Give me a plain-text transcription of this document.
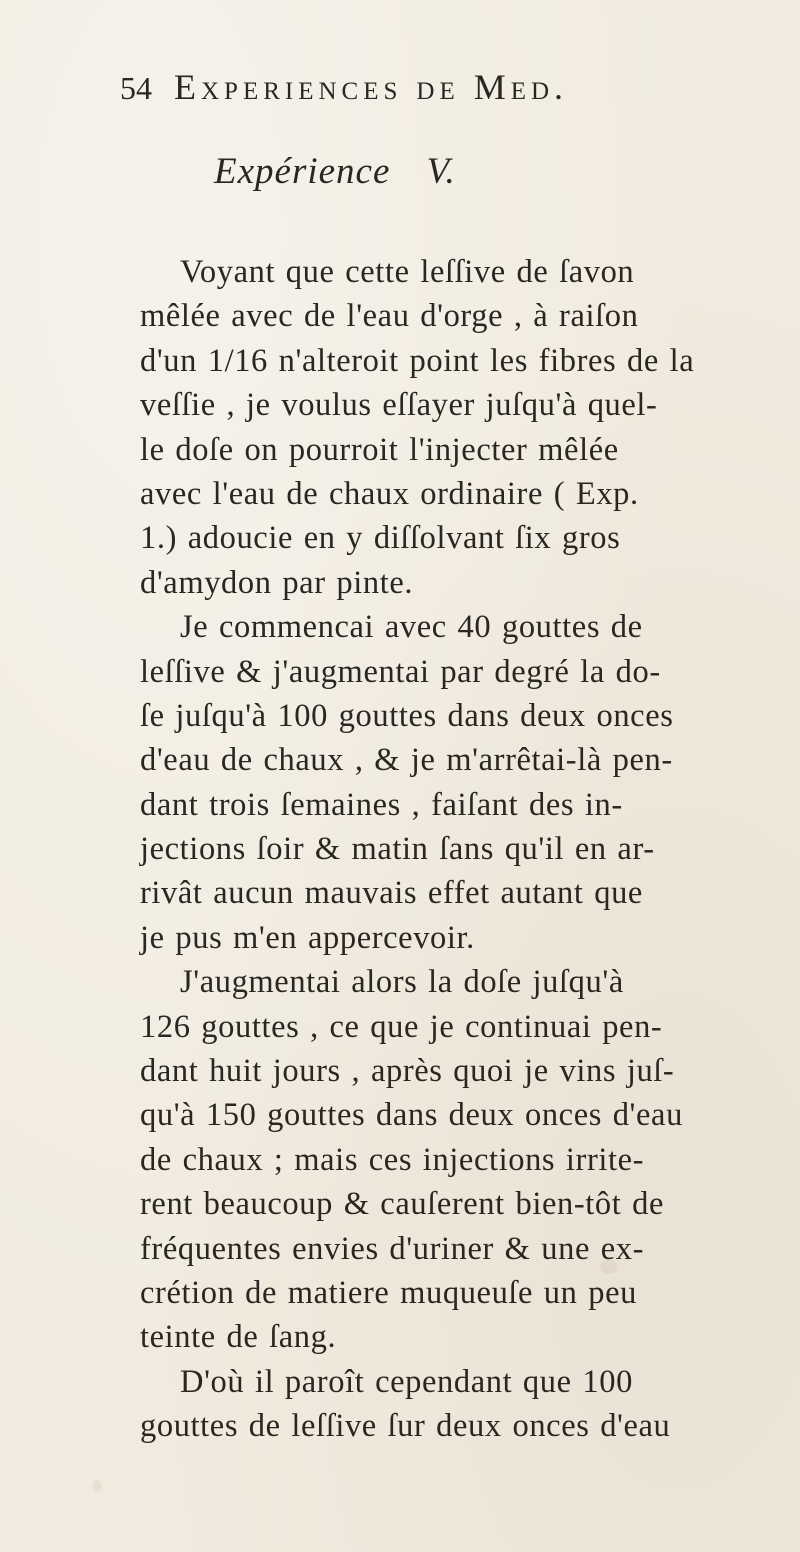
54 Experiences de Med.
Expérience V.
Voyant que cette leſſive de ſavon
mêlée avec de l'eau d'orge , à raiſon
d'un 1/16 n'alteroit point les fibres de la
veſſie , je voulus eſſayer juſqu'à quel-
le doſe on pourroit l'injecter mêlée
avec l'eau de chaux ordinaire ( Exp.
1.) adoucie en y diſſolvant ſix gros
d'amydon par pinte.
Je commencai avec 40 gouttes de
leſſive & j'augmentai par degré la do-
ſe juſqu'à 100 gouttes dans deux onces
d'eau de chaux , & je m'arrêtai-là pen-
dant trois ſemaines , faiſant des in-
jections ſoir & matin ſans qu'il en ar-
rivât aucun mauvais effet autant que
je pus m'en appercevoir.
J'augmentai alors la doſe juſqu'à
126 gouttes , ce que je continuai pen-
dant huit jours , après quoi je vins juſ-
qu'à 150 gouttes dans deux onces d'eau
de chaux ; mais ces injections irrite-
rent beaucoup & cauſerent bien-tôt de
fréquentes envies d'uriner & une ex-
crétion de matiere muqueuſe un peu
teinte de ſang.
D'où il paroît cependant que 100
gouttes de leſſive ſur deux onces d'eau
